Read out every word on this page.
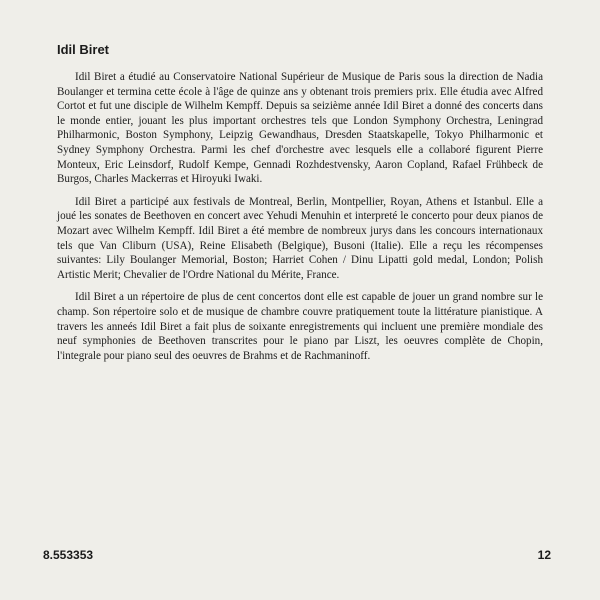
Idil Biret

Idil Biret a étudié au Conservatoire National Supérieur de Musique de Paris sous la direction de Nadia Boulanger et termina cette école à l'âge de quinze ans y obtenant trois premiers prix. Elle étudia avec Alfred Cortot et fut une disciple de Wilhelm Kempff. Depuis sa seizième année Idil Biret a donné des concerts dans le monde entier, jouant les plus important orchestres tels que London Symphony Orchestra, Leningrad Philharmonic, Boston Symphony, Leipzig Gewandhaus, Dresden Staatskapelle, Tokyo Philharmonic et Sydney Symphony Orchestra. Parmi les chef d'orchestre avec lesquels elle a collaboré figurent Pierre Monteux, Eric Leinsdorf, Rudolf Kempe, Gennadi Rozhdestvensky, Aaron Copland, Rafael Frühbeck de Burgos, Charles Mackerras et Hiroyuki Iwaki.

Idil Biret a participé aux festivals de Montreal, Berlin, Montpellier, Royan, Athens et Istanbul. Elle a joué les sonates de Beethoven en concert avec Yehudi Menuhin et interpreté le concerto pour deux pianos de Mozart avec Wilhelm Kempff. Idil Biret a été membre de nombreux jurys dans les concours internationaux tels que Van Cliburn (USA), Reine Elisabeth (Belgique), Busoni (Italie). Elle a reçu les récompenses suivantes: Lily Boulanger Memorial, Boston; Harriet Cohen / Dinu Lipatti gold medal, London; Polish Artistic Merit; Chevalier de l'Ordre National du Mérite, France.

Idil Biret a un répertoire de plus de cent concertos dont elle est capable de jouer un grand nombre sur le champ. Son répertoire solo et de musique de chambre couvre pratiquement toute la littérature pianistique. A travers les anneés Idil Biret a fait plus de soixante enregistrements qui incluent une première mondiale des neuf symphonies de Beethoven transcrites pour le piano par Liszt, les oeuvres complète de Chopin, l'integrale pour piano seul des oeuvres de Brahms et de Rachmaninoff.

8.553353	12
